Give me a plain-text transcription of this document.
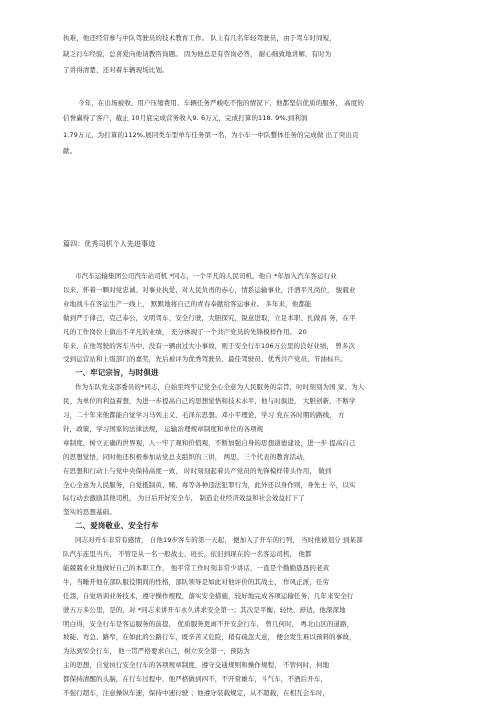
执难，他还经常参与中队驾驶员的技术教育工作。 队上有几名年轻驾驶员，由于驾车时间短，
缺乏行车经验，总喜爱向他请教咨询题。 因为他总是有咨询必答， 耐心细致地讲解，有时为
了讲得清楚，还对着车辆现场比划。
今年，在出场被收、用户压缩费用、车辆任务严峻吃不饱的情况下，他都坚信优质的服务， 高度的
信誉赢得了客户，截止 10月底完成营务收入9. 6万元，完成打算的118. 9%,到利润
1.79万元，为打算的112%,展同类车型单车任务第一名，为小车一中队整体任务的完成做 出了突出贡
献。
篇四：优秀司机个人先进事迹
市汽车运输集团公司汽车站司机 *同志，一个平凡的人民司机，他自 *年加入汽车客运行业
以来，怀着一颗对党忠诚、对事业执爱、对人民负责的赤心，情系运输事业，汗洒平凡岗位， 骏毅业
业地战斗在客运生产一线上， 默默地将自己的青春奉献给客运事业。 多年来，他都能
做到严于律己，克己奉公，文明驾车、安全行驶，大胆探究，锐意进取，立足本职、扎做昌 务，在平
凡的工作岗位上做出不平凡的业绩， 充分体现了一个共产党员的先锋模样作用。 20
年来，在他驾驶的客车当中，没有一辆由过大小事故，则于安全行车106万公里的良好业绩， 曾多次
受到运营站和上级部门的嘉奖，先后被评为优秀驾驶员、最佳驾驶员、优秀共产党员、节油标兵。
一、牢记宗旨，与时俱进
作为车队党支部委员的*同志，自始至终牢记党全心全意为人民服务的宗旨，时时刻刻为国 家、为人
民、为单位的利益着想，为进一步提高自己的思想觉悟和技术水平，他与时俱进， 大胆创新，不断学
习，二十年来他都能自觉学习马列主义、毛泽东思想、邓小平理论，学习 党在各时期的路线， 方
针，政策，学习国家的法律法规， 运输治理规章制度和单位的各项规
章制度，树立正确的世界观，人一牢了观和价值观，不断加强自身的思想道德建设，进一步 提高自己
的思想觉悟，同时他还积极参加站党总支组织的三讲， 两思、三个代表的教育活动，
在思想和行动上与党中央保持高度一致， 时时刻刻起着共产党员的先锋模样带头作用， 做到
全心全意为人民服务，自觉抵制黄、赌、毒等各种违法犯罪行为，此外还以身作则，身先士 卒，以实
际行动去激励其他司机， 为日后开好安全车， 制造企业经济效益和社会效益打下了
坚实的思想基础。
二、爱岗敬业、安全行车
同志对开车非常有感情， 自他19步客车的第一天起， 便加入了开车的行列， 当时他被划分 到某部
队汽车连里当兵， 不管是从一名一般战士、班长，依旧到现在的一名客运司机， 他都
能兢兢业业地做好自己的本职工作， 他平常工作时刻非常少讲话，一直是个勤勤恳恳的老黄
牛，当睡开他在部队服役期间的性格，部队领导是如此对他评价的其战士， 作风正派，任劳
任怨，自觉培训业务技术，遵守操作规程，落实安全措施，较好地完成各项运输任务，几年来安全行
驶五万多公里，是的，对 *同志来讲开车永久讲求安全第一；其次是平衡、轻快、舒适，他深深地
明白得，安全行车是客运服务的前提， 优质服务更离不开安全行车， 曾几何时， 粤北山区的道路，
坡陡、弯急、路窄，在如此的公路行车，既辛苦又危险，稍有疏忽大意， 便会发生难以预料的事故，
为达到安全行车， 他一贯严格要求自己，树立安全第一，预防为
主的思想，自觉执行安全行车的各项规章制度，遵守交通规则和操作规程， 不管何时，何地
都保持清醒的头脑，在行车过程中，他严格做到四不，不开赏雄车，斗气车，不酒后开车，
不强行超车，注意操纵车速，保持中速行驶 ；他遵守装载规定，从不超载，在相互会车时，
